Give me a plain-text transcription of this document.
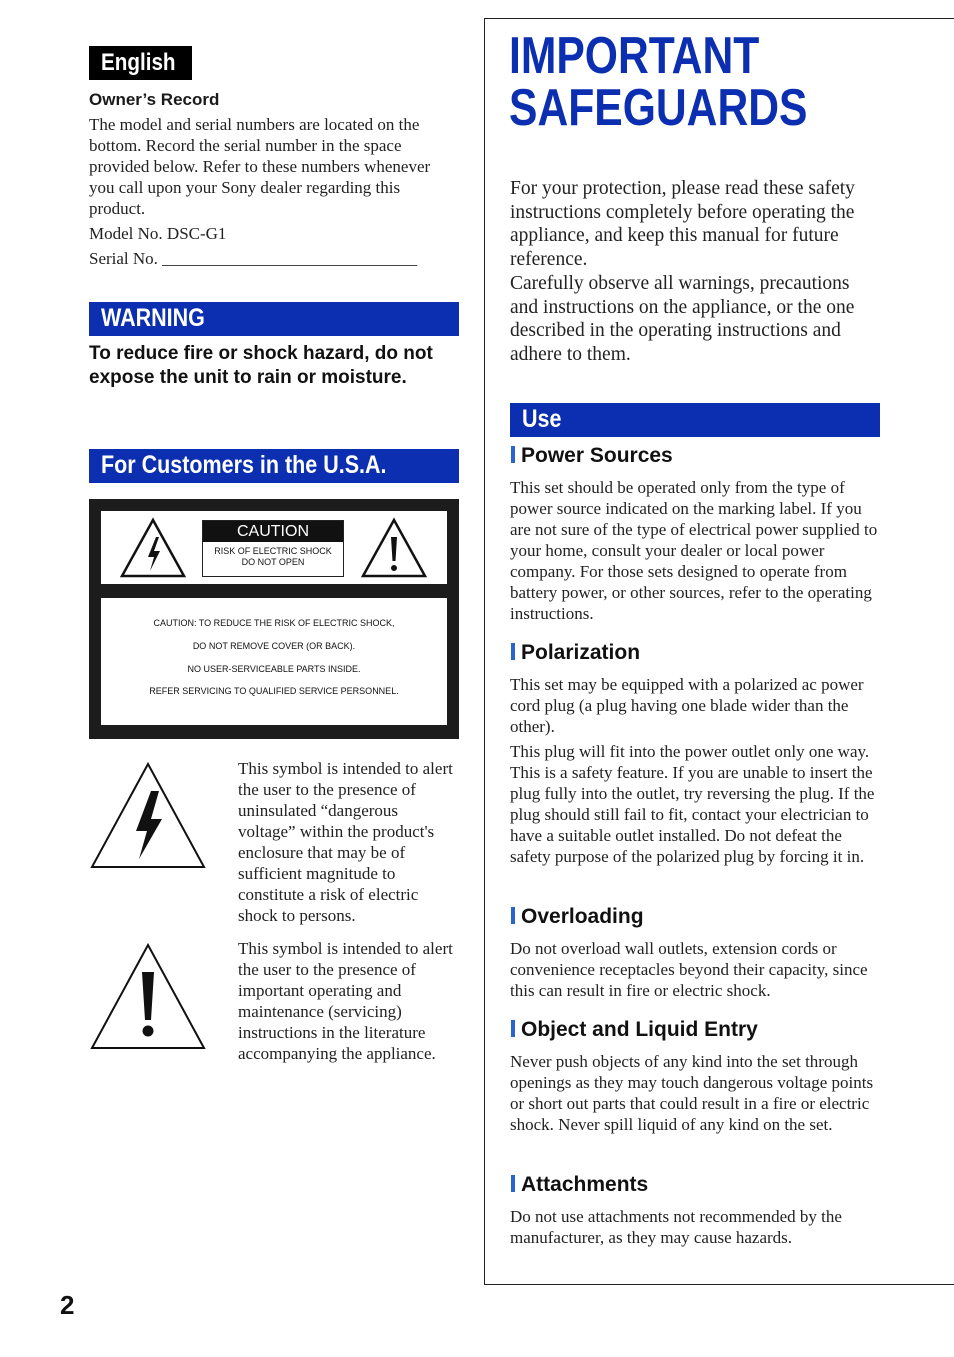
English
Owner’s Record
The model and serial numbers are located on the bottom. Record the serial number in the space provided below. Refer to these numbers whenever you call upon your Sony dealer regarding this product.
Model No. DSC-G1
Serial No. ______________________________
WARNING
To reduce fire or shock hazard, do not expose the unit to rain or moisture.
For Customers in the U.S.A.
CAUTION
RISK OF ELECTRIC SHOCK
DO NOT OPEN
CAUTION: TO REDUCE THE RISK OF ELECTRIC SHOCK,
DO NOT REMOVE COVER (OR BACK).
NO USER-SERVICEABLE PARTS INSIDE.
REFER SERVICING TO QUALIFIED SERVICE PERSONNEL.
This symbol is intended to alert the user to the presence of uninsulated “dangerous voltage” within the product's enclosure that may be of sufficient magnitude to constitute a risk of electric shock to persons.
This symbol is intended to alert the user to the presence of important operating and maintenance (servicing) instructions in the literature accompanying the appliance.
IMPORTANT
SAFEGUARDS
For your protection, please read these safety instructions completely before operating the appliance, and keep this manual for future reference.
Carefully observe all warnings, precautions and instructions on the appliance, or the one described in the operating instructions and adhere to them.
Use
Power Sources
This set should be operated only from the type of power source indicated on the marking label. If you are not sure of the type of electrical power supplied to your home, consult your dealer or local power company. For those sets designed to operate from battery power, or other sources, refer to the operating instructions.
Polarization
This set may be equipped with a polarized ac power cord plug (a plug having one blade wider than the other).
This plug will fit into the power outlet only one way. This is a safety feature. If you are unable to insert the plug fully into the outlet, try reversing the plug. If the plug should still fail to fit, contact your electrician to have a suitable outlet installed. Do not defeat the safety purpose of the polarized plug by forcing it in.
Overloading
Do not overload wall outlets, extension cords or convenience receptacles beyond their capacity, since this can result in fire or electric shock.
Object and Liquid Entry
Never push objects of any kind into the set through openings as they may touch dangerous voltage points or short out parts that could result in a fire or electric shock. Never spill liquid of any kind on the set.
Attachments
Do not use attachments not recommended by the manufacturer, as they may cause hazards.
2
